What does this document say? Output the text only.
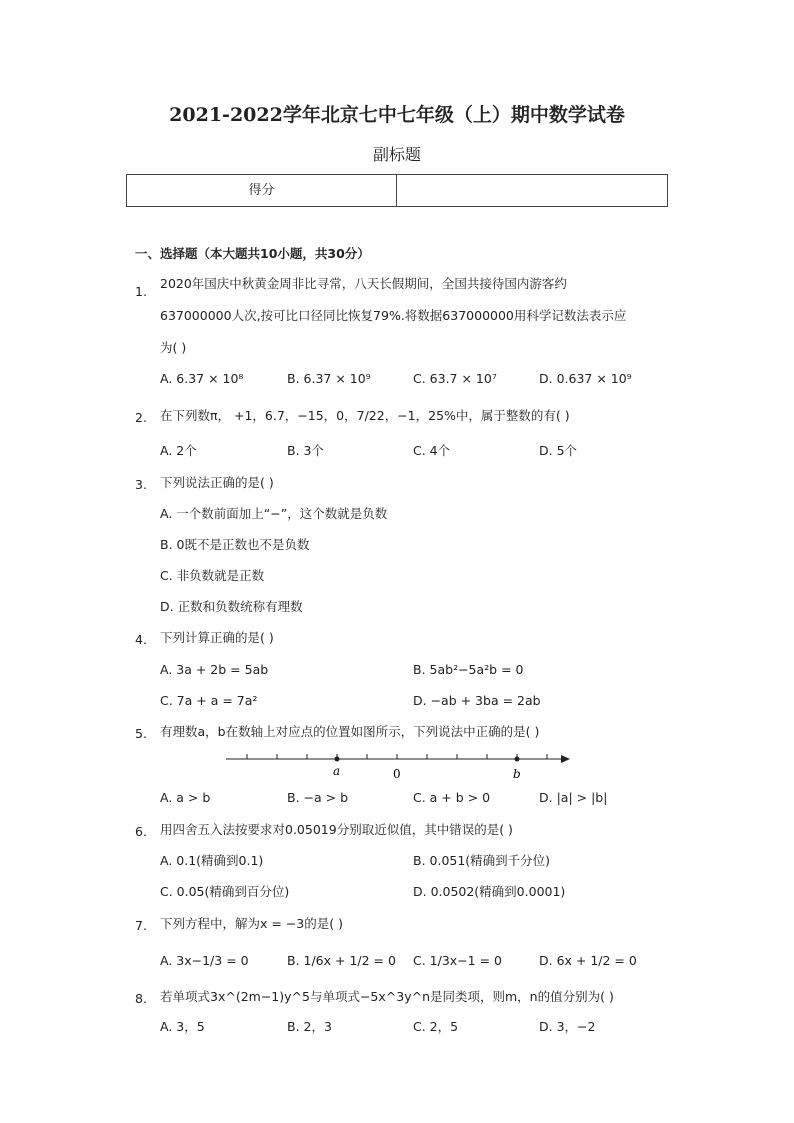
2021-2022学年北京七中七年级（上）期中数学试卷
副标题
得分
一、选择题（本大题共10小题，共30分）
1.
2020年国庆中秋黄金周非比寻常，八天长假期间，全国共接待国内游客约
637000000人次,按可比口径同比恢复79%.将数据637000000用科学记数法表示应
为( )
A. 6.37 × 10⁸	B. 6.37 × 10⁹	C. 63.7 × 10⁷	D. 0.637 × 10⁹
2. 在下列数π， +1，6.7，−15，0，7/22，−1，25%中，属于整数的有( )
A. 2个	B. 3个	C. 4个	D. 5个
3. 下列说法正确的是( )
A. 一个数前面加上“−”，这个数就是负数
B. 0既不是正数也不是负数
C. 非负数就是正数
D. 正数和负数统称有理数
4. 下列计算正确的是( )
A. 3a + 2b = 5ab	B. 5ab²−5a²b = 0
C. 7a + a = 7a²	D. −ab + 3ba = 2ab
5. 有理数a，b在数轴上对应点的位置如图所示，下列说法中正确的是( )
a	0	b
A. a > b	B. −a > b	C. a + b > 0	D. |a| > |b|
6. 用四舍五入法按要求对0.05019分别取近似值，其中错误的是( )
A. 0.1(精确到0.1)	B. 0.051(精确到千分位)
C. 0.05(精确到百分位)	D. 0.0502(精确到0.0001)
7. 下列方程中，解为x = −3的是( )
A. 3x−1/3 = 0	B. 1/6x + 1/2 = 0 C. 1/3x−1 = 0	D. 6x + 1/2 = 0
8. 若单项式3x^(2m−1)y^5与单项式−5x^3y^n是同类项，则m，n的值分别为( )
A. 3，5	B. 2，3	C. 2，5	D. 3，−2
